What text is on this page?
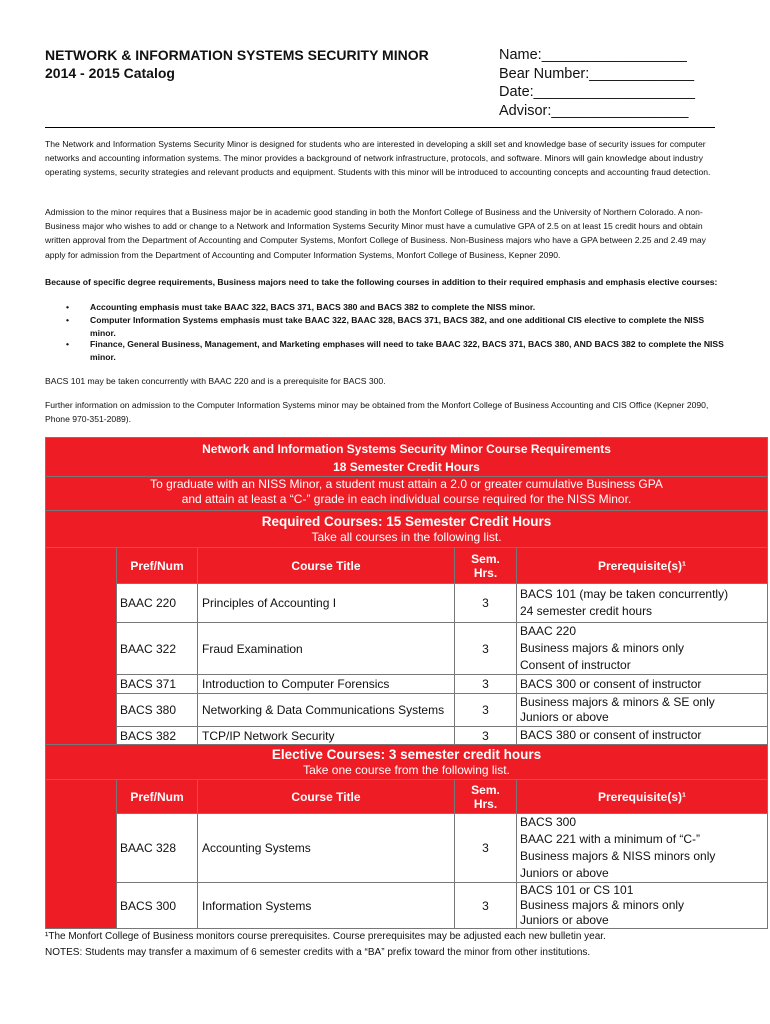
NETWORK & INFORMATION SYSTEMS SECURITY MINOR
2014 - 2015 Catalog
Name:__________________
Bear Number:_____________
Date:____________________
Advisor:_________________
The Network and Information Systems Security Minor is designed for students who are interested in developing a skill set and knowledge base of security issues for computer networks and accounting information systems. The minor provides a background of network infrastructure, protocols, and software. Minors will gain knowledge about industry operating systems, security strategies and relevant products and equipment. Students with this minor will be introduced to accounting concepts and accounting fraud detection.
Admission to the minor requires that a Business major be in academic good standing in both the Monfort College of Business and the University of Northern Colorado. A non-Business major who wishes to add or change to a Network and Information Systems Security Minor must have a cumulative GPA of 2.5 on at least 15 credit hours and obtain written approval from the Department of Accounting and Computer Systems, Monfort College of Business. Non-Business majors who have a GPA between 2.25 and 2.49 may apply for admission from the Department of Accounting and Computer Information Systems, Monfort College of Business, Kepner 2090.
Because of specific degree requirements, Business majors need to take the following courses in addition to their required emphasis and emphasis elective courses:
• Accounting emphasis must take BAAC 322, BACS 371, BACS 380 and BACS 382 to complete the NISS minor.
• Computer Information Systems emphasis must take BAAC 322, BAAC 328, BACS 371, BACS 382, and one additional CIS elective to complete the NISS minor.
• Finance, General Business, Management, and Marketing emphases will need to take BAAC 322, BACS 371, BACS 380, AND BACS 382 to complete the NISS minor.
BACS 101 may be taken concurrently with BAAC 220 and is a prerequisite for BACS 300.
Further information on admission to the Computer Information Systems minor may be obtained from the Monfort College of Business Accounting and CIS Office (Kepner 2090, Phone 970-351-2089).
Network and Information Systems Security Minor Course Requirements
18 Semester Credit Hours				

To graduate with an NISS Minor, a student must attain a 2.0 or greater cumulative Business GPA
and attain at least a “C-” grade in each individual course required for the NISS Minor.				

Required Courses: 15 Semester Credit Hours
Take all courses in the following list.				

	Pref/Num	Course Title	Sem.
Hrs.	Prerequisite(s)¹
	BAAC 220	Principles of Accounting I	3	BACS 101 (may be taken concurrently)
24 semester credit hours

	BAAC 322	Fraud Examination	3	BAAC 220
Business majors & minors only
Consent of instructor

	BACS 371	Introduction to Computer Forensics	3	BACS 300 or consent of instructor

	BACS 380	Networking & Data Communications Systems	3	Business majors & minors & SE only
Juniors or above

	BACS 382	TCP/IP Network Security	3	BACS 380 or consent of instructor

Elective Courses: 3 semester credit hours
Take one course from the following list.				

	Pref/Num	Course Title	Sem.
Hrs.	Prerequisite(s)¹
	BAAC 328	Accounting Systems	3	BACS 300
BAAC 221 with a minimum of “C-”
Business majors & NISS minors only
Juniors or above

	BACS 300	Information Systems	3	BACS 101 or CS 101
Business majors & minors only
Juniors or above
¹The Monfort College of Business monitors course prerequisites. Course prerequisites may be adjusted each new bulletin year.
NOTES: Students may transfer a maximum of 6 semester credits with a “BA” prefix toward the minor from other institutions.
